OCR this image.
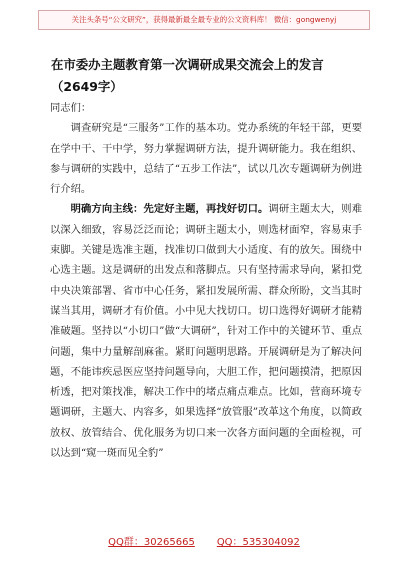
关注头条号“公文研究”，获得最新最全最专业的公文资料库！ 微信：gongwenyj
在市委办主题教育第一次调研成果交流会上的发言（2649字）

同志们：

调查研究是“三服务”工作的基本功。党办系统的年轻干部，更要在学中干、干中学，努力掌握调研方法，提升调研能力。我在组织、参与调研的实践中，总结了“五步工作法”，试以几次专题调研为例进行介绍。

明确方向主线：先定好主题，再找好切口。调研主题太大，则难以深入细致，容易泛泛而论；调研主题太小，则选材面窄，容易束手束脚。关键是选准主题，找准切口做到大小适度、有的放矢。围绕中心选主题。这是调研的出发点和落脚点。只有坚持需求导向，紧扣党中央决策部署、省市中心任务，紧扣发展所需、群众所盼，文当其时谋当其用，调研才有价值。小中见大找切口。切口选得好调研才能精准破题。坚持以“小切口”做“大调研”，针对工作中的关键环节、重点问题，集中力量解剖麻雀。紧盯问题明思路。开展调研是为了解决问题，不能讳疾忌医应坚持问题导向，大胆工作，把问题摸清，把原因析透，把对策找准，解决工作中的堵点痛点难点。比如，营商环境专题调研，主题大、内容多，如果选择“放管服”改革这个角度，以简政放权、放管结合、优化服务为切口来一次各方面问题的全面检视，可以达到“窥一斑而见全豹”

QQ群：30265665 QQ：535304092
